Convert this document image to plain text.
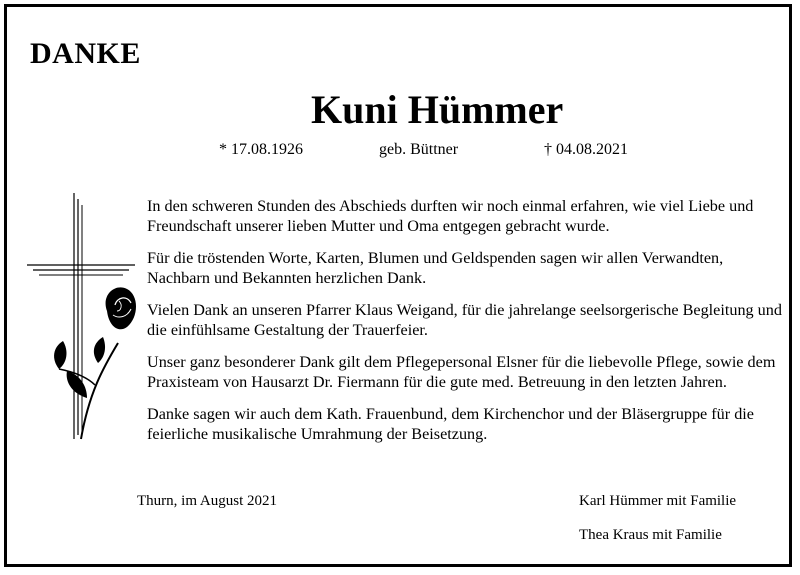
DANKE
Kuni Hümmer
* 17.08.1926	geb. Büttner	† 04.08.2021

In den schweren Stunden des Abschieds durften wir noch einmal erfahren, wie viel Liebe und Freundschaft unserer lieben Mutter und Oma entgegen gebracht wurde.

Für die tröstenden Worte, Karten, Blumen und Geldspenden sagen wir allen Verwandten, Nachbarn und Bekannten herzlichen Dank.

Vielen Dank an unseren Pfarrer Klaus Weigand, für die jahrelange seelsorgerische Begleitung und die einfühlsame Gestaltung der Trauerfeier.

Unser ganz besonderer Dank gilt dem Pflegepersonal Elsner für die liebevolle Pflege, sowie dem Praxisteam von Hausarzt Dr. Fiermann für die gute med. Betreuung in den letzten Jahren.

Danke sagen wir auch dem Kath. Frauenbund, dem Kirchenchor und der Bläsergruppe für die feierliche musikalische Umrahmung der Beisetzung.

Thurn, im August 2021	Karl Hümmer mit Familie
Thea Kraus mit Familie
